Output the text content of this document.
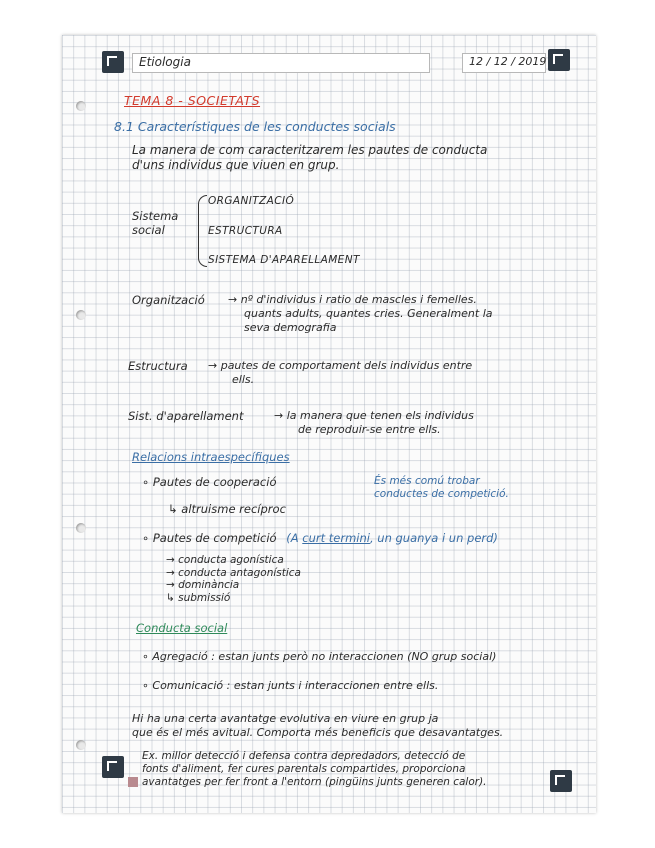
Etiologia	12 / 12 / 2019
TEMA 8 - SOCIETATS
8.1 Característiques de les conductes socials
La manera de com caracteritzarem les pautes de conducta
d'uns individus que viuen en grup.
Sistema
social
ORGANITZACIÓ
ESTRUCTURA
SISTEMA D'APARELLAMENT
Organització → nº d'individus i ratio de mascles i femelles.
quants adults, quantes cries. Generalment la
seva demografia
Estructura → pautes de comportament dels individus entre
ells.
Sist. d'aparellament	→ la manera que tenen els individus
de reproduir-se entre ells.
Relacions intraespecífiques
∘ Pautes de cooperació
↳ altruisme recíproc
És més comú trobar
conductes de competició.
∘ Pautes de competició (A curt termini, un guanya i un perd)
→ conducta agonística
→ conducta antagonística
→ dominància
↳ submissió
Conducta social
∘ Agregació : estan junts però no interaccionen (NO grup social)
∘ Comunicació : estan junts i interaccionen entre ells.
Hi ha una certa avantatge evolutiva en viure en grup ja
que és el més avitual. Comporta més beneficis que desavantatges.
Ex. millor detecció i defensa contra depredadors, detecció de
fonts d'aliment, fer cures parentals compartides, proporciona
avantatges per fer front a l'entorn (pingüins junts generen calor).
